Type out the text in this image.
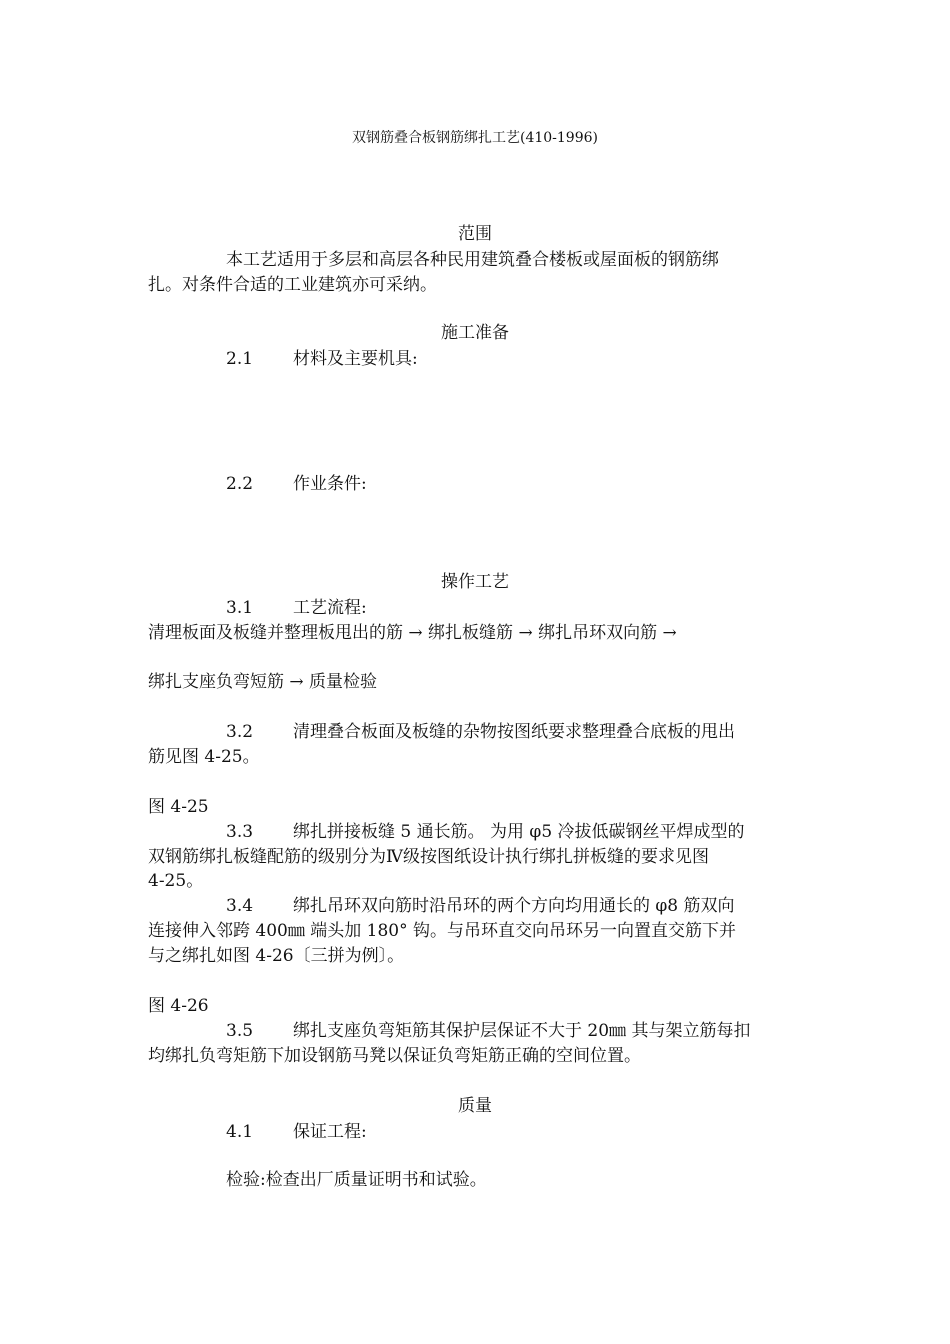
双钢筋叠合板钢筋绑扎工艺(410-1996)
范围
本工艺适用于多层和高层各种民用建筑叠合楼板或屋面板的钢筋绑
扎。对条件合适的工业建筑亦可采纳。
施工准备
2.1 材料及主要机具:
2.2 作业条件:
操作工艺
3.1 工艺流程:
清理板面及板缝并整理板甩出的筋 → 绑扎板缝筋 → 绑扎吊环双向筋 →
绑扎支座负弯短筋 → 质量检验
3.2 清理叠合板面及板缝的杂物按图纸要求整理叠合底板的甩出
筋见图 4-25。
图 4-25
3.3 绑扎拼接板缝 5 通长筋。 为用 φ5 冷拔低碳钢丝平焊成型的
双钢筋绑扎板缝配筋的级别分为Ⅳ级按图纸设计执行绑扎拼板缝的要求见图
4-25。
3.4 绑扎吊环双向筋时沿吊环的两个方向均用通长的 φ8 筋双向
连接伸入邻跨 400㎜ 端头加 180° 钩。与吊环直交向吊环另一向置直交筋下并
与之绑扎如图 4-26〔三拼为例〕。
图 4-26
3.5 绑扎支座负弯矩筋其保护层保证不大于 20㎜ 其与架立筋每扣
均绑扎负弯矩筋下加设钢筋马凳以保证负弯矩筋正确的空间位置。
质量
4.1 保证工程:
检验:检查出厂质量证明书和试验。
